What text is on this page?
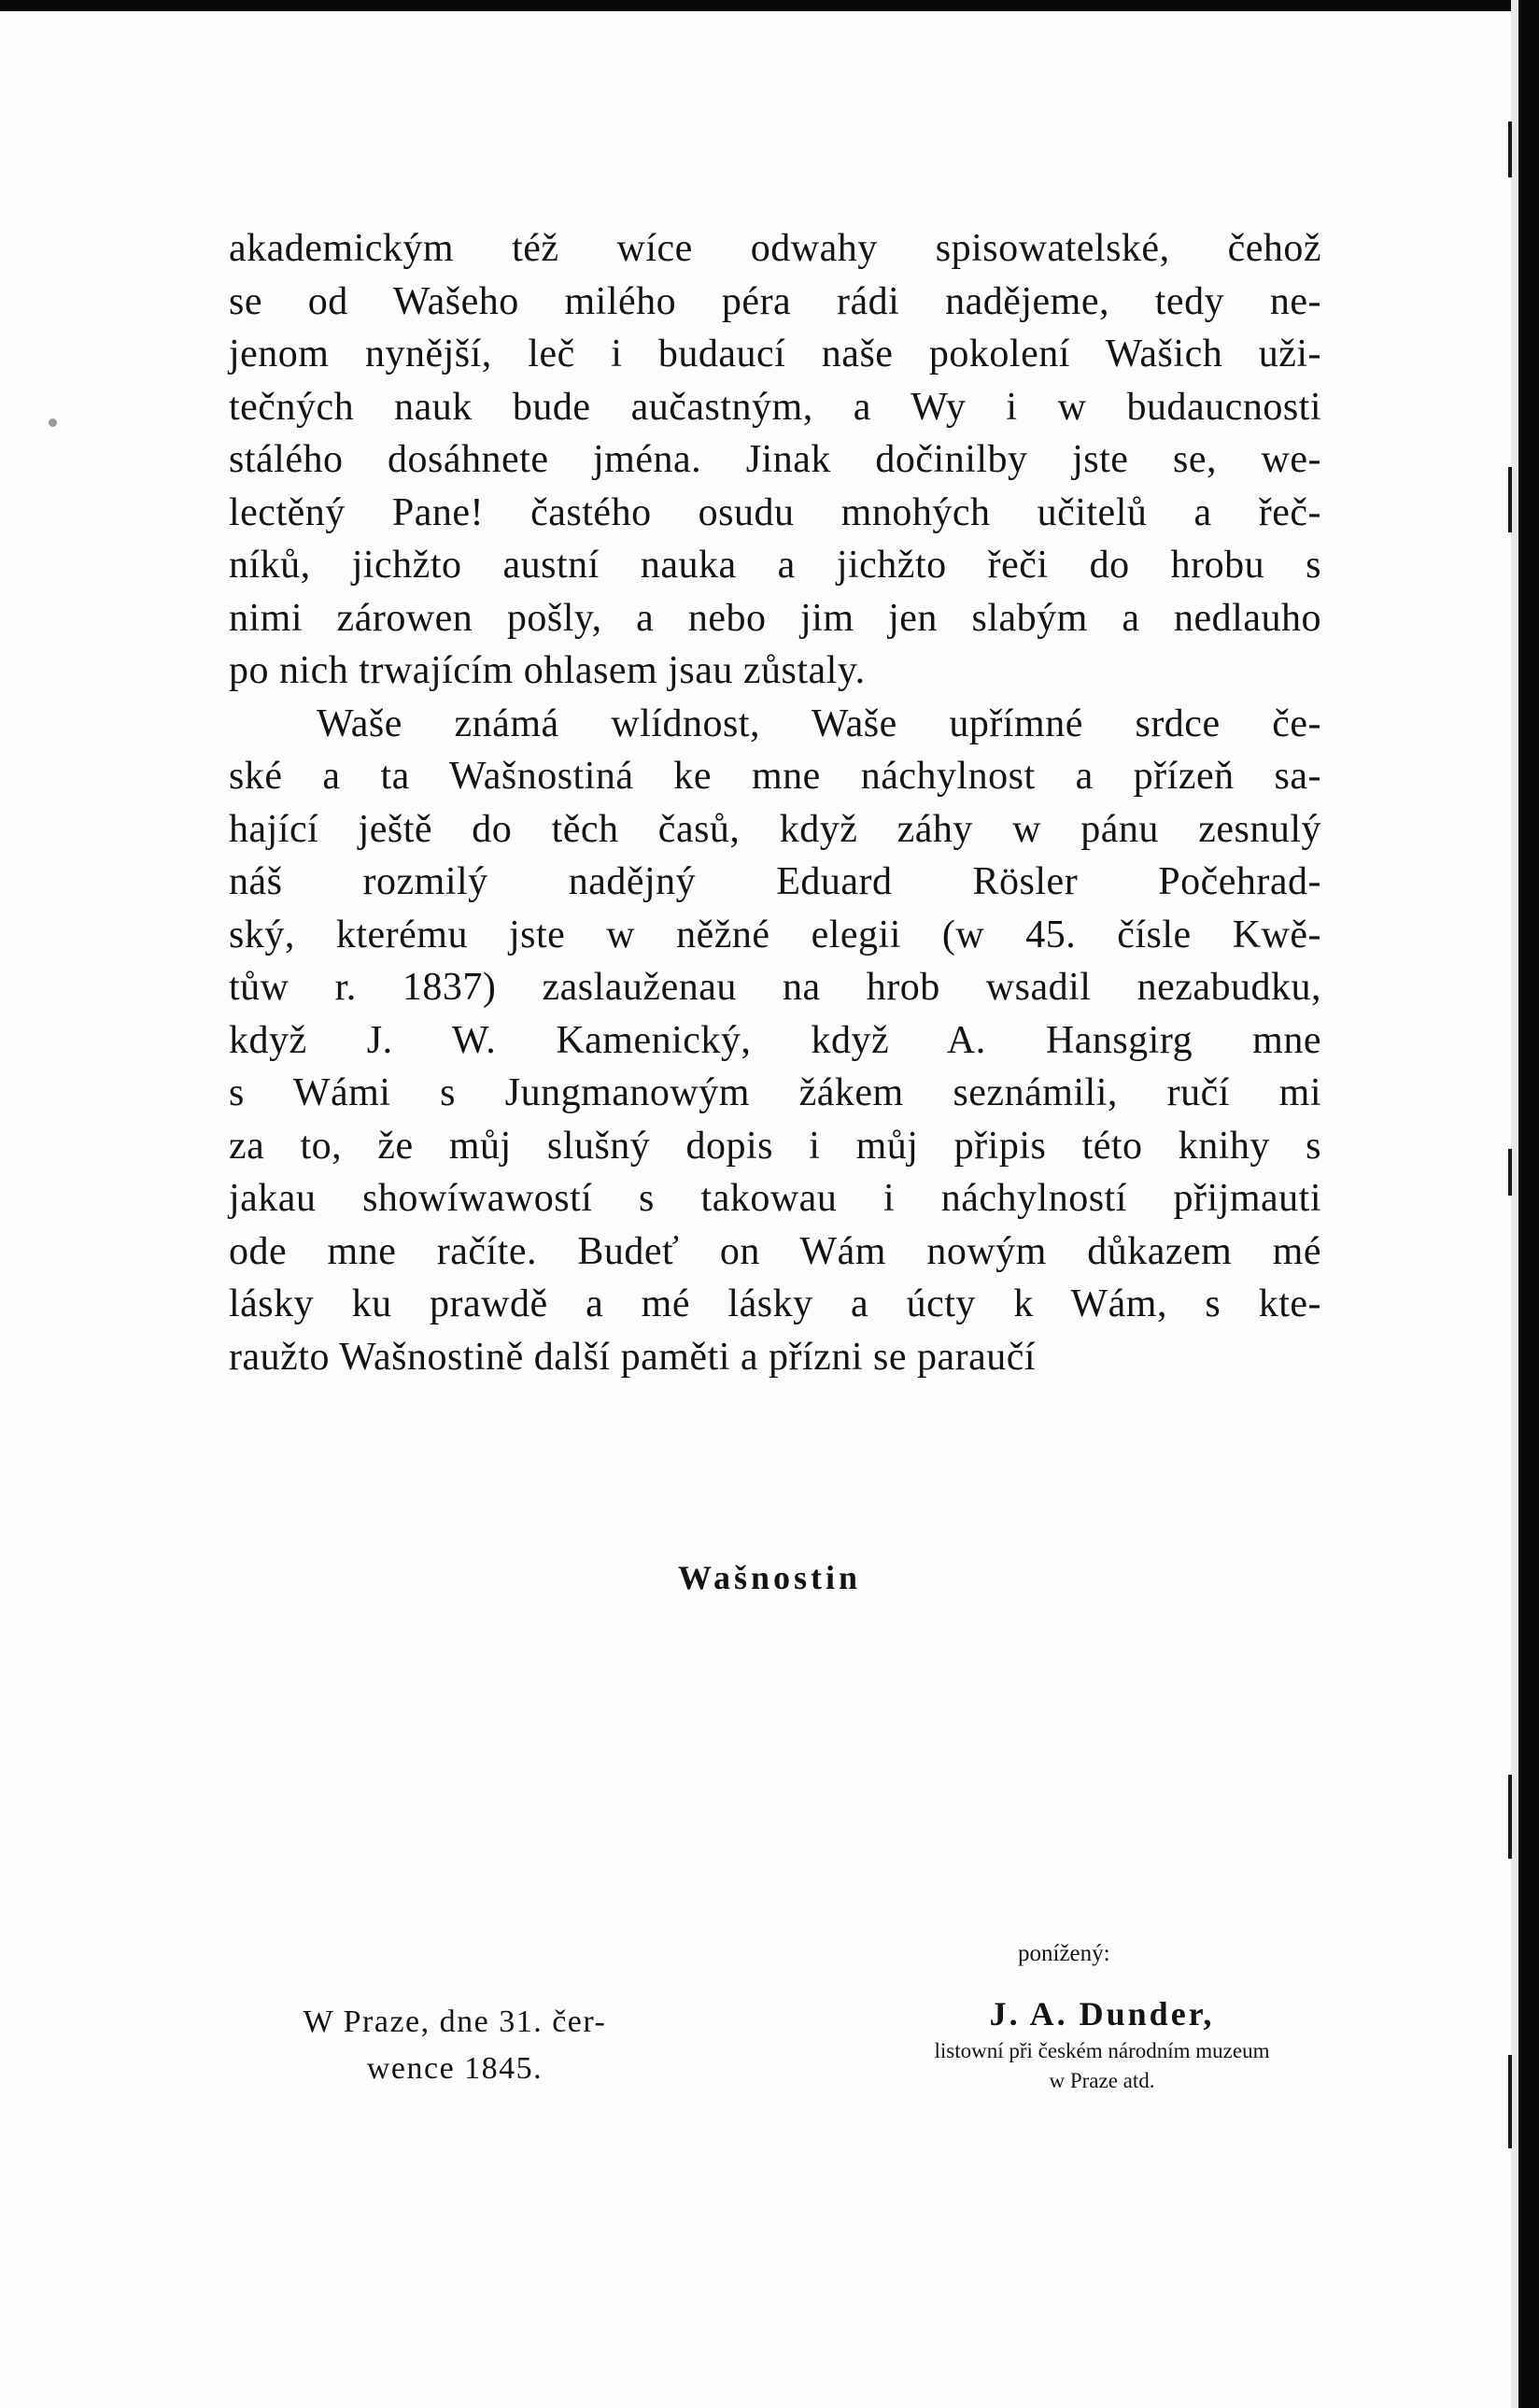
akademickým též wíce odwahy spisowatelské, čehož
se od Wašeho milého péra rádi nadějeme, tedy ne-
jenom nynější, leč i budaucí naše pokolení Wašich uži-
tečných nauk bude aučastným, a Wy i w budaucnosti
stálého dosáhnete jména. Jinak dočinilby jste se, we-
lectěný Pane! častého osudu mnohých učitelů a řeč-
níků, jichžto austní nauka a jichžto řeči do hrobu s
nimi zárowen pošly, a nebo jim jen slabým a nedlauho
po nich trwajícím ohlasem jsau zůstaly.
Waše známá wlídnost, Waše upřímné srdce če-
ské a ta Wašnostiná ke mne náchylnost a přízeň sa-
hající ještě do těch časů, když záhy w pánu zesnulý
náš rozmilý nadějný Eduard Rösler Počehrad-
ský, kterému jste w něžné elegii (w 45. čísle Kwě-
tůw r. 1837) zaslauženau na hrob wsadil nezabudku,
když J. W. Kamenický, když A. Hansgirg mne
s Wámi s Jungmanowým žákem seznámili, ručí mi
za to, že můj slušný dopis i můj připis této knihy s
jakau showíwawostí s takowau i náchylností přijmauti
ode mne račíte. Budeť on Wám nowým důkazem mé
lásky ku prawdě a mé lásky a úcty k Wám, s kte-
raužto Wašnostině další paměti a přízni se paraučí
Wašnostin
ponížený:
W Praze, dne 31. čer-
wence 1845.
J. A. Dunder,
listowní při českém národním muzeum
w Praze atd.
